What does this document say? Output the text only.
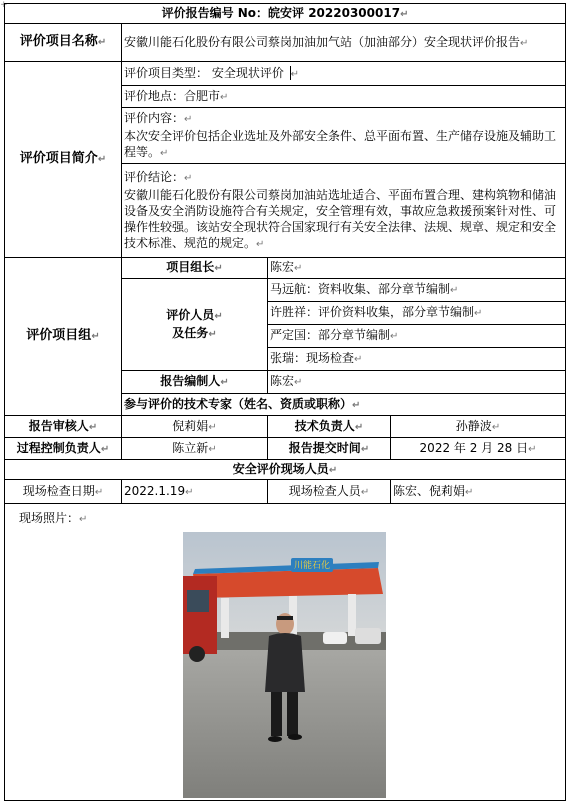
+
评价报告编号 No：皖安评 20220300017↵			
评价项目名称↵	安徽川能石化股份有限公司蔡岗加油加气站（加油部分）安全现状评价报告↵		
评价项目简介↵	评价项目类型： 安全现状评价 ↵		
	评价地点：合肥市↵		

	评价内容：↵
本次安全评价包括企业选址及外部安全条件、总平面布置、生产储存设施及辅助工程等。↵		

	评价结论：↵
安徽川能石化股份有限公司蔡岗加油站选址适合、平面布置合理、建构筑物和储油设备及安全消防设施符合有关规定，安全管理有效，事故应急救援预案针对性、可操作性较强。该站安全现状符合国家现行有关安全法律、法规、规章、规定和安全技术标准、规范的规定。↵		

评价项目组↵	项目组长↵	陈宏↵	

	评价人员↵
及任务↵	马远航：资料收集、部分章节编制↵	
		许胜祥：评价资料收集，部分章节编制↵	
		严定国：部分章节编制↵	
		张瑞：现场检查↵	
	报告编制人↵	陈宏↵	
	参与评价的技术专家（姓名、资质或职称）↵		
报告审核人↵	倪莉娟↵	技术负责人↵	孙静波↵
过程控制负责人↵	陈立新↵	报告提交时间↵	2022 年 2 月 28 日↵
安全评价现场人员↵			
现场检查日期↵	2022.1.19↵	现场检查人员↵	陈宏、倪莉娟↵

现场照片：↵
川能石化			
